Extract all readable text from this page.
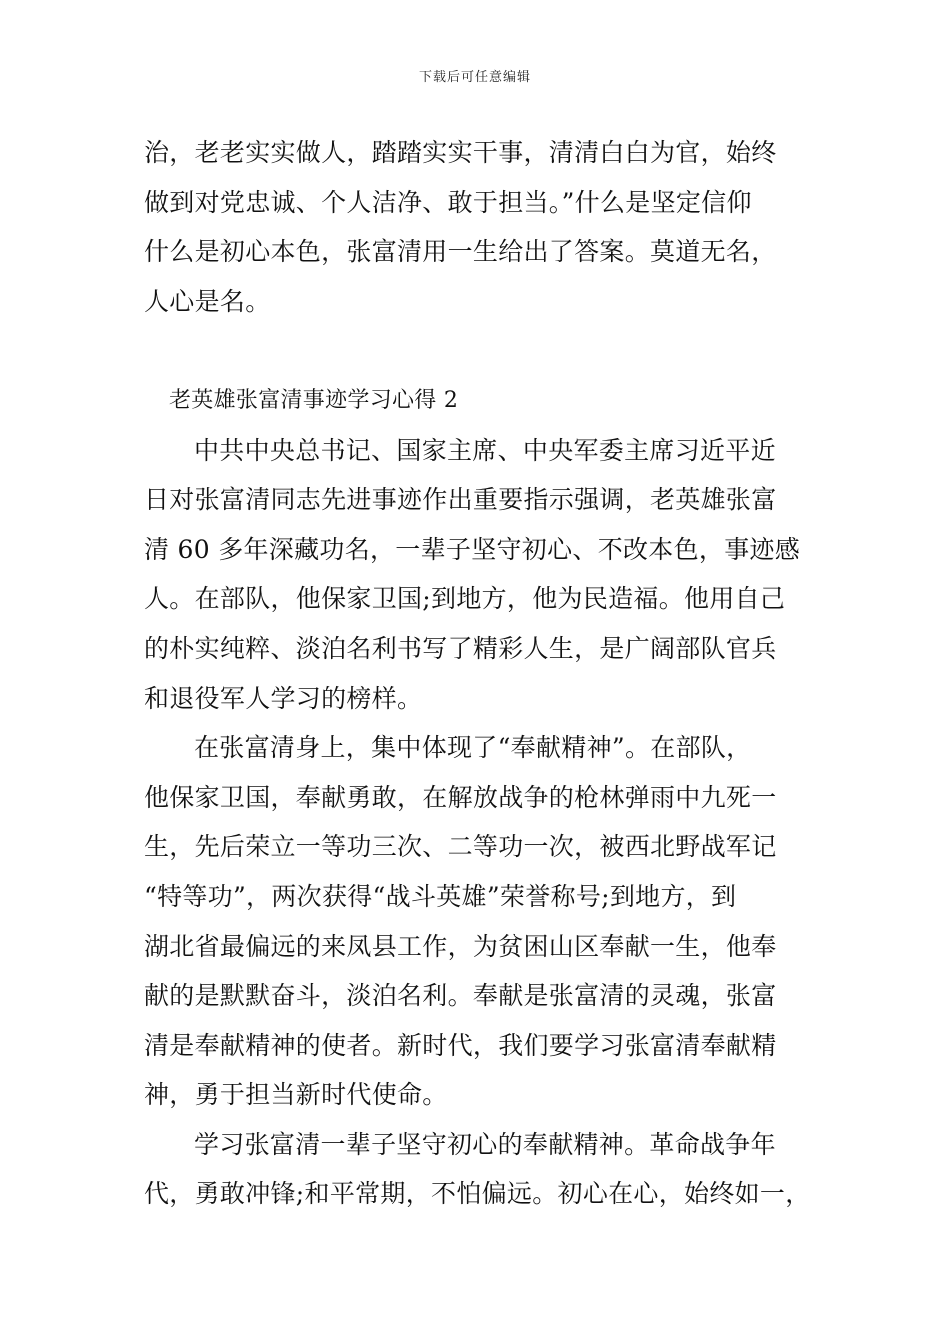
下载后可任意编辑
治，老老实实做人，踏踏实实干事，清清白白为官，始终
做到对党忠诚、个人洁净、敢于担当。”什么是坚定信仰
什么是初心本色，张富清用一生给出了答案。莫道无名，
人心是名。
老英雄张富清事迹学习心得 2
中共中央总书记、国家主席、中央军委主席习近平近
日对张富清同志先进事迹作出重要指示强调，老英雄张富
清 60 多年深藏功名，一辈子坚守初心、不改本色，事迹感
人。在部队，他保家卫国;到地方，他为民造福。他用自己
的朴实纯粹、淡泊名利书写了精彩人生，是广阔部队官兵
和退役军人学习的榜样。
在张富清身上，集中体现了“奉献精神”。在部队，
他保家卫国，奉献勇敢，在解放战争的枪林弹雨中九死一
生，先后荣立一等功三次、二等功一次，被西北野战军记
“特等功”，两次获得“战斗英雄”荣誉称号;到地方，到
湖北省最偏远的来凤县工作，为贫困山区奉献一生，他奉
献的是默默奋斗，淡泊名利。奉献是张富清的灵魂，张富
清是奉献精神的使者。新时代，我们要学习张富清奉献精
神，勇于担当新时代使命。
学习张富清一辈子坚守初心的奉献精神。革命战争年
代，勇敢冲锋;和平常期，不怕偏远。初心在心，始终如一，
